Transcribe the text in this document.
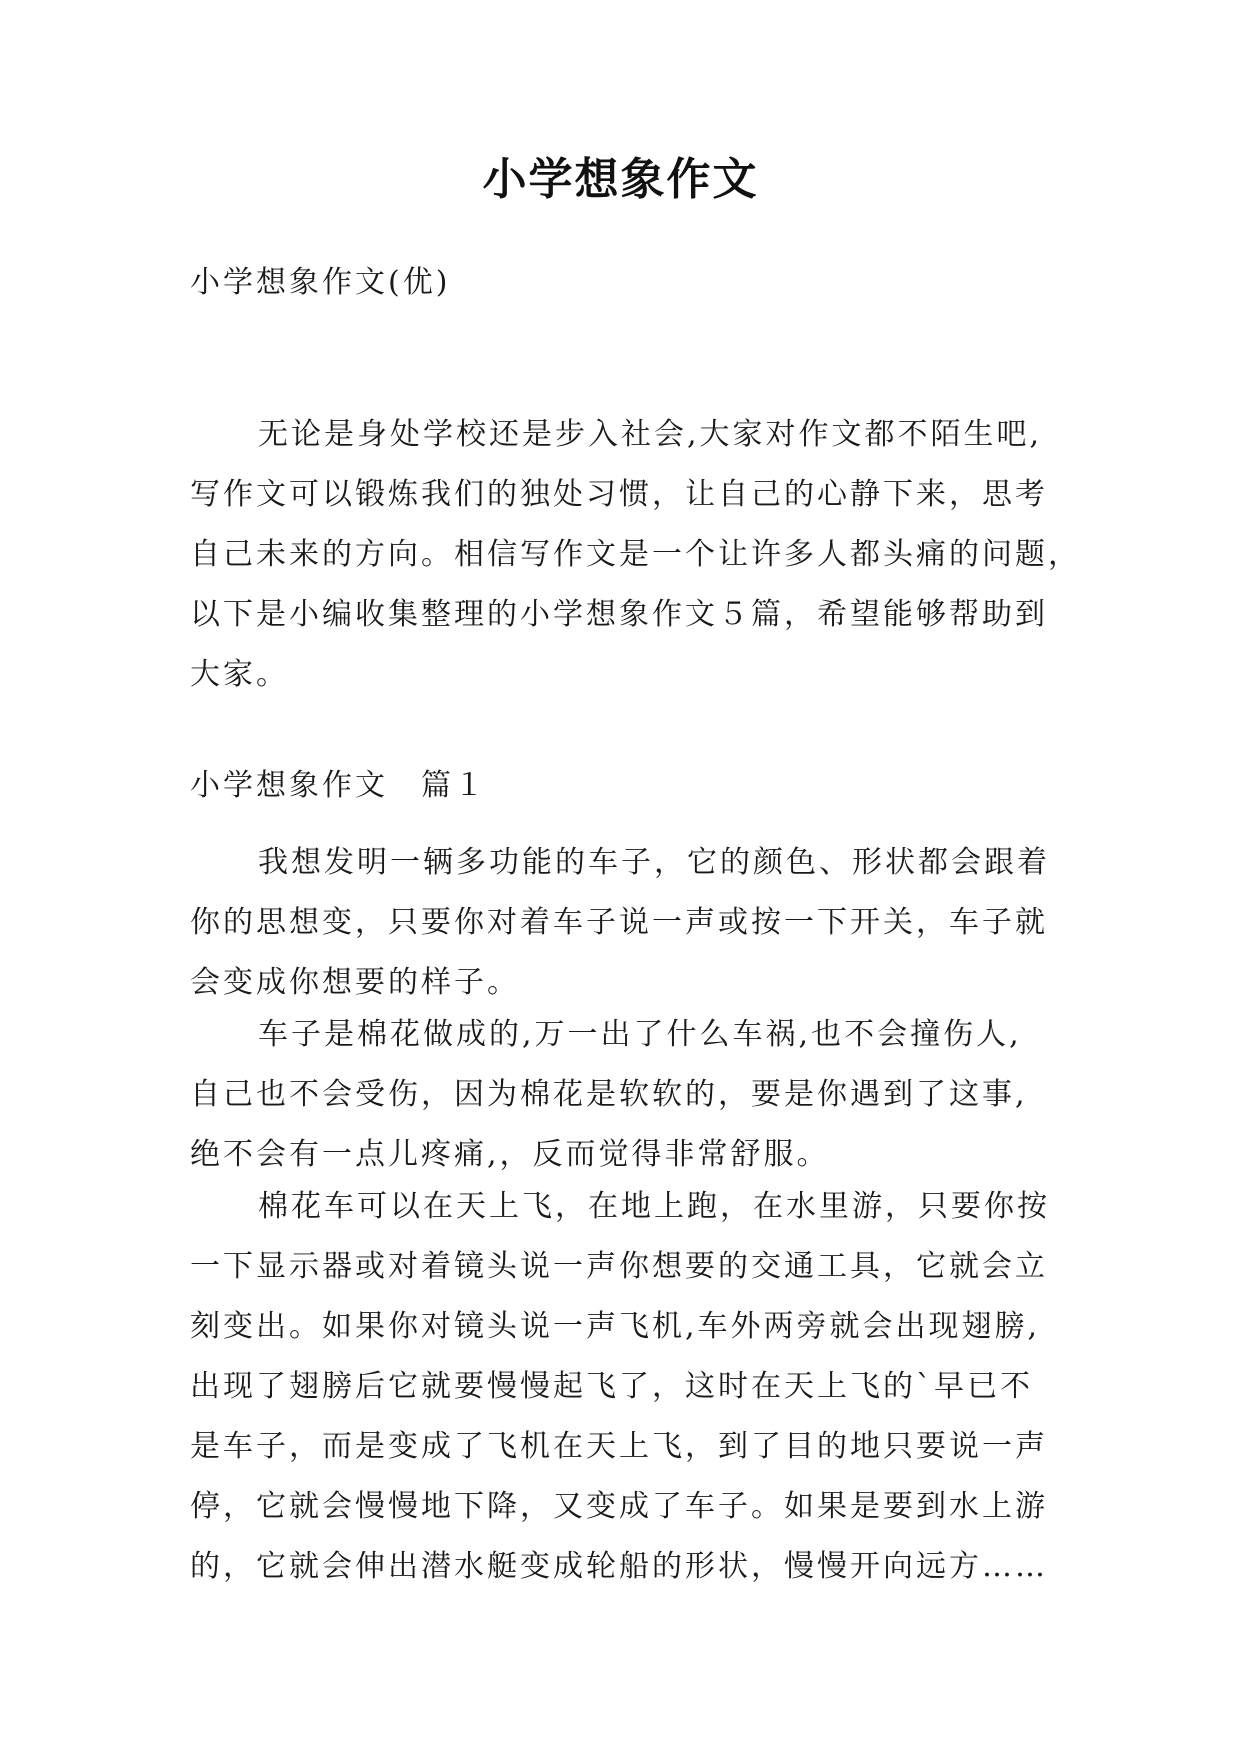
小学想象作文
小学想象作文(优)
无论是身处学校还是步入社会,大家对作文都不陌生吧,
写作文可以锻炼我们的独处习惯，让自己的心静下来，思考
自己未来的方向。相信写作文是一个让许多人都头痛的问题，
以下是小编收集整理的小学想象作文５篇，希望能够帮助到
大家。
小学想象作文　篇１
我想发明一辆多功能的车子，它的颜色、形状都会跟着
你的思想变，只要你对着车子说一声或按一下开关，车子就
会变成你想要的样子。
车子是棉花做成的,万一出了什么车祸,也不会撞伤人,
自己也不会受伤，因为棉花是软软的，要是你遇到了这事,
绝不会有一点儿疼痛,，反而觉得非常舒服。
棉花车可以在天上飞，在地上跑，在水里游，只要你按
一下显示器或对着镜头说一声你想要的交通工具，它就会立
刻变出。如果你对镜头说一声飞机,车外两旁就会出现翅膀,
出现了翅膀后它就要慢慢起飞了，这时在天上飞的`早已不
是车子，而是变成了飞机在天上飞，到了目的地只要说一声
停，它就会慢慢地下降，又变成了车子。如果是要到水上游
的，它就会伸出潜水艇变成轮船的形状，慢慢开向远方……
